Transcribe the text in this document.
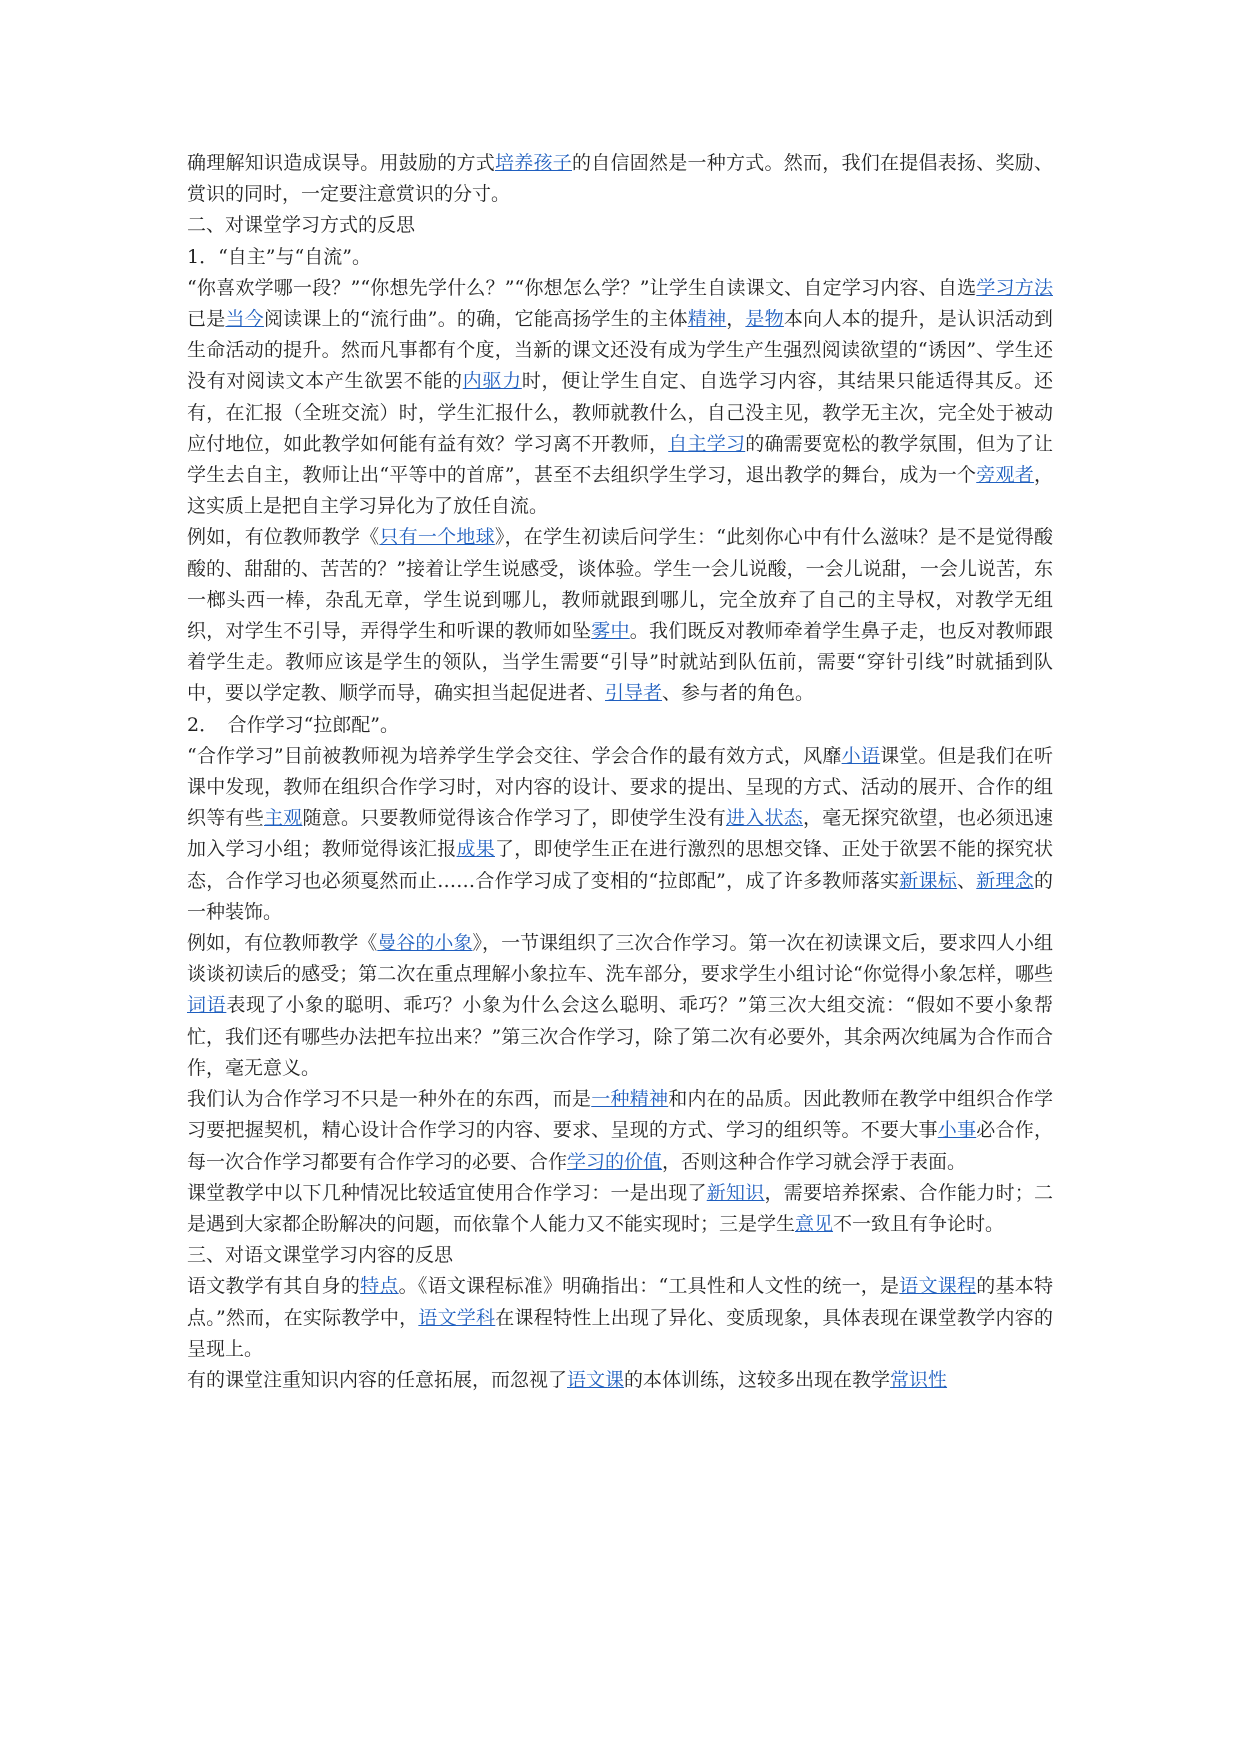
确理解知识造成误导。用鼓励的方式培养孩子的自信固然是一种方式。然而，我们在提倡表扬、奖励、赏识的同时，一定要注意赏识的分寸。

二、对课堂学习方式的反思

1．“自主”与“自流”。

“你喜欢学哪一段？”“你想先学什么？”“你想怎么学？”让学生自读课文、自定学习内容、自选学习方法已是当今阅读课上的“流行曲”。的确，它能高扬学生的主体精神，是物本向人本的提升，是认识活动到生命活动的提升。然而凡事都有个度，当新的课文还没有成为学生产生强烈阅读欲望的“诱因”、学生还没有对阅读文本产生欲罢不能的内驱力时，便让学生自定、自选学习内容，其结果只能适得其反。还有，在汇报（全班交流）时，学生汇报什么，教师就教什么，自己没主见，教学无主次，完全处于被动应付地位，如此教学如何能有益有效？学习离不开教师，自主学习的确需要宽松的教学氛围，但为了让学生去自主，教师让出“平等中的首席”，甚至不去组织学生学习，退出教学的舞台，成为一个旁观者，这实质上是把自主学习异化为了放任自流。

例如，有位教师教学《只有一个地球》，在学生初读后问学生：“此刻你心中有什么滋味？是不是觉得酸酸的、甜甜的、苦苦的？”接着让学生说感受，谈体验。学生一会儿说酸，一会儿说甜，一会儿说苦，东一榔头西一棒，杂乱无章，学生说到哪儿，教师就跟到哪儿，完全放弃了自己的主导权，对教学无组织，对学生不引导，弄得学生和听课的教师如坠雾中。我们既反对教师牵着学生鼻子走，也反对教师跟着学生走。教师应该是学生的领队，当学生需要“引导”时就站到队伍前，需要“穿针引线”时就插到队中，要以学定教、顺学而导，确实担当起促进者、引导者、参与者的角色。

2．　合作学习“拉郎配”。

“合作学习”目前被教师视为培养学生学会交往、学会合作的最有效方式，风靡小语课堂。但是我们在听课中发现，教师在组织合作学习时，对内容的设计、要求的提出、呈现的方式、活动的展开、合作的组织等有些主观随意。只要教师觉得该合作学习了，即使学生没有进入状态，毫无探究欲望，也必须迅速加入学习小组；教师觉得该汇报成果了，即使学生正在进行激烈的思想交锋、正处于欲罢不能的探究状态，合作学习也必须戛然而止……合作学习成了变相的“拉郎配”，成了许多教师落实新课标、新理念的一种装饰。

例如，有位教师教学《曼谷的小象》，一节课组织了三次合作学习。第一次在初读课文后，要求四人小组谈谈初读后的感受；第二次在重点理解小象拉车、洗车部分，要求学生小组讨论“你觉得小象怎样，哪些词语表现了小象的聪明、乖巧？小象为什么会这么聪明、乖巧？”第三次大组交流：“假如不要小象帮忙，我们还有哪些办法把车拉出来？”第三次合作学习，除了第二次有必要外，其余两次纯属为合作而合作，毫无意义。

我们认为合作学习不只是一种外在的东西，而是一种精神和内在的品质。因此教师在教学中组织合作学习要把握契机，精心设计合作学习的内容、要求、呈现的方式、学习的组织等。不要大事小事必合作，每一次合作学习都要有合作学习的必要、合作学习的价值，否则这种合作学习就会浮于表面。

课堂教学中以下几种情况比较适宜使用合作学习：一是出现了新知识，需要培养探索、合作能力时；二是遇到大家都企盼解决的问题，而依靠个人能力又不能实现时；三是学生意见不一致且有争论时。

三、对语文课堂学习内容的反思

语文教学有其自身的特点。《语文课程标准》明确指出：“工具性和人文性的统一，是语文课程的基本特点。”然而，在实际教学中，语文学科在课程特性上出现了异化、变质现象，具体表现在课堂教学内容的呈现上。

有的课堂注重知识内容的任意拓展，而忽视了语文课的本体训练，这较多出现在教学常识性
